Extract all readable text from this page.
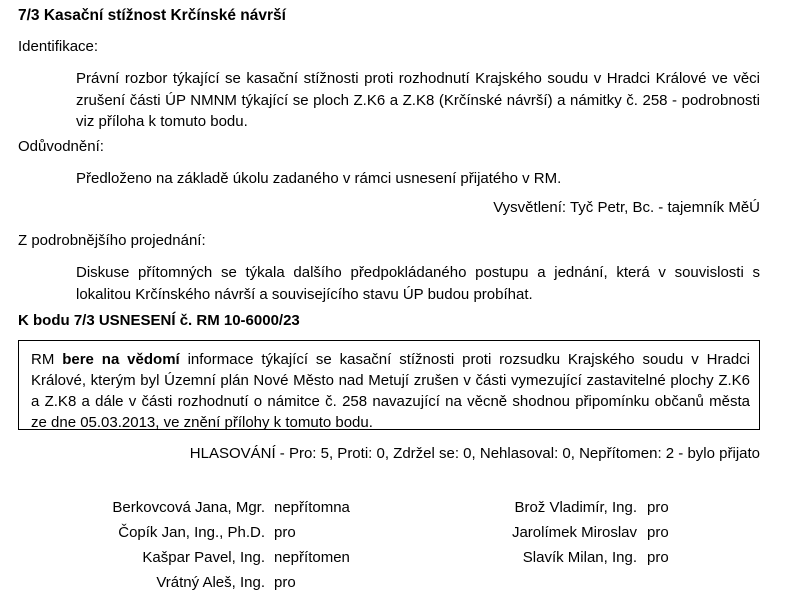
7/3 Kasační stížnost Krčínské návrší
Identifikace:
Právní rozbor týkající se kasační stížnosti proti rozhodnutí Krajského soudu v Hradci Králové ve věci zrušení části ÚP NMNM týkající se ploch Z.K6 a Z.K8 (Krčínské návrší) a námitky č. 258 - podrobnosti viz příloha k tomuto bodu.
Odůvodnění:
Předloženo na základě úkolu zadaného v rámci usnesení přijatého v RM.
Vysvětlení: Tyč Petr, Bc. - tajemník MěÚ
Z podrobnějšího projednání:
Diskuse přítomných se týkala dalšího předpokládaného postupu a jednání, která v souvislosti s lokalitou Krčínského návrší a souvisejícího stavu ÚP budou probíhat.
K bodu 7/3 USNESENÍ č. RM 10-6000/23

RM bere na vědomí informace týkající se kasační stížnosti proti rozsudku Krajského soudu v Hradci Králové, kterým byl Územní plán Nové Město nad Metují zrušen v části vymezující zastavitelné plochy Z.K6 a Z.K8 a dále v části rozhodnutí o námitce č. 258 navazující na věcně shodnou připomínku občanů města ze dne 05.03.2013, ve znění přílohy k tomuto bodu.

HLASOVÁNÍ - Pro: 5, Proti: 0, Zdržel se: 0, Nehlasoval: 0, Nepřítomen: 2 - bylo přijato
Berkovcová Jana, Mgr. nepřítomna	Brož Vladimír, Ing. pro
Čopík Jan, Ing., Ph.D. pro	Jarolímek Miroslav pro
Kašpar Pavel, Ing. nepřítomen	Slavík Milan, Ing. pro
Vrátný Aleš, Ing. pro
